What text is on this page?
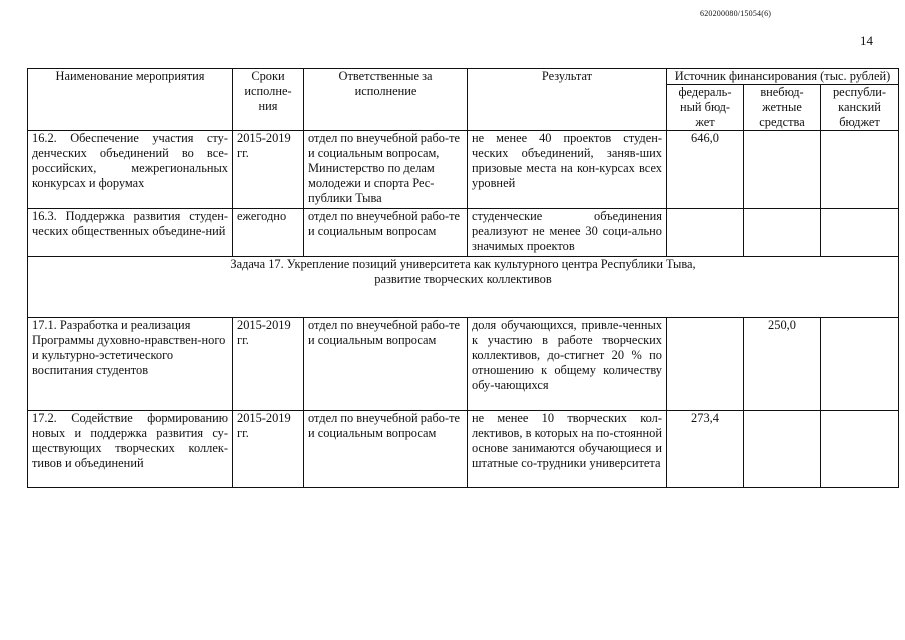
620200080/15054(6)
14
Наименование мероприятия	Сроки исполне-ния	Ответственные за исполнение	Результат	Источник финансирования (тыс. рублей)		
				федераль-ный бюд-жет	внебюд-жетные средства	республи-канский бюджет
16.2. Обеспечение участия сту-денческих объединений во все-российских, межрегиональных конкурсах и форумах	2015-2019 гг.	отдел по внеучебной рабо-те и социальным вопросам, Министерство по делам молодежи и спорта Рес-публики Тыва	не менее 40 проектов студен-ческих объединений, заняв-ших призовые места на кон-курсах всех уровней	646,0		
16.3. Поддержка развития студен-ческих общественных объедине-ний	ежегодно	отдел по внеучебной рабо-те и социальным вопросам	студенческие объединения реализуют не менее 30 соци-ально значимых проектов			

Задача 17. Укрепление позиций университета как культурного центра Республики Тыва,
развитие творческих коллективов						

17.1. Разработка и реализация Программы духовно-нравствен-ного и культурно-эстетического воспитания студентов	2015-2019 гг.	отдел по внеучебной рабо-те и социальным вопросам	доля обучающихся, привле-ченных к участию в работе творческих коллективов, до-стигнет 20 % по отношению к общему количеству обу-чающихся		250,0	
17.2. Содействие формированию новых и поддержка развития су-ществующих творческих коллек-тивов и объединений	2015-2019 гг.	отдел по внеучебной рабо-те и социальным вопросам	не менее 10 творческих кол-лективов, в которых на по-стоянной основе занимаются обучающиеся и штатные со-трудники университета	273,4		
